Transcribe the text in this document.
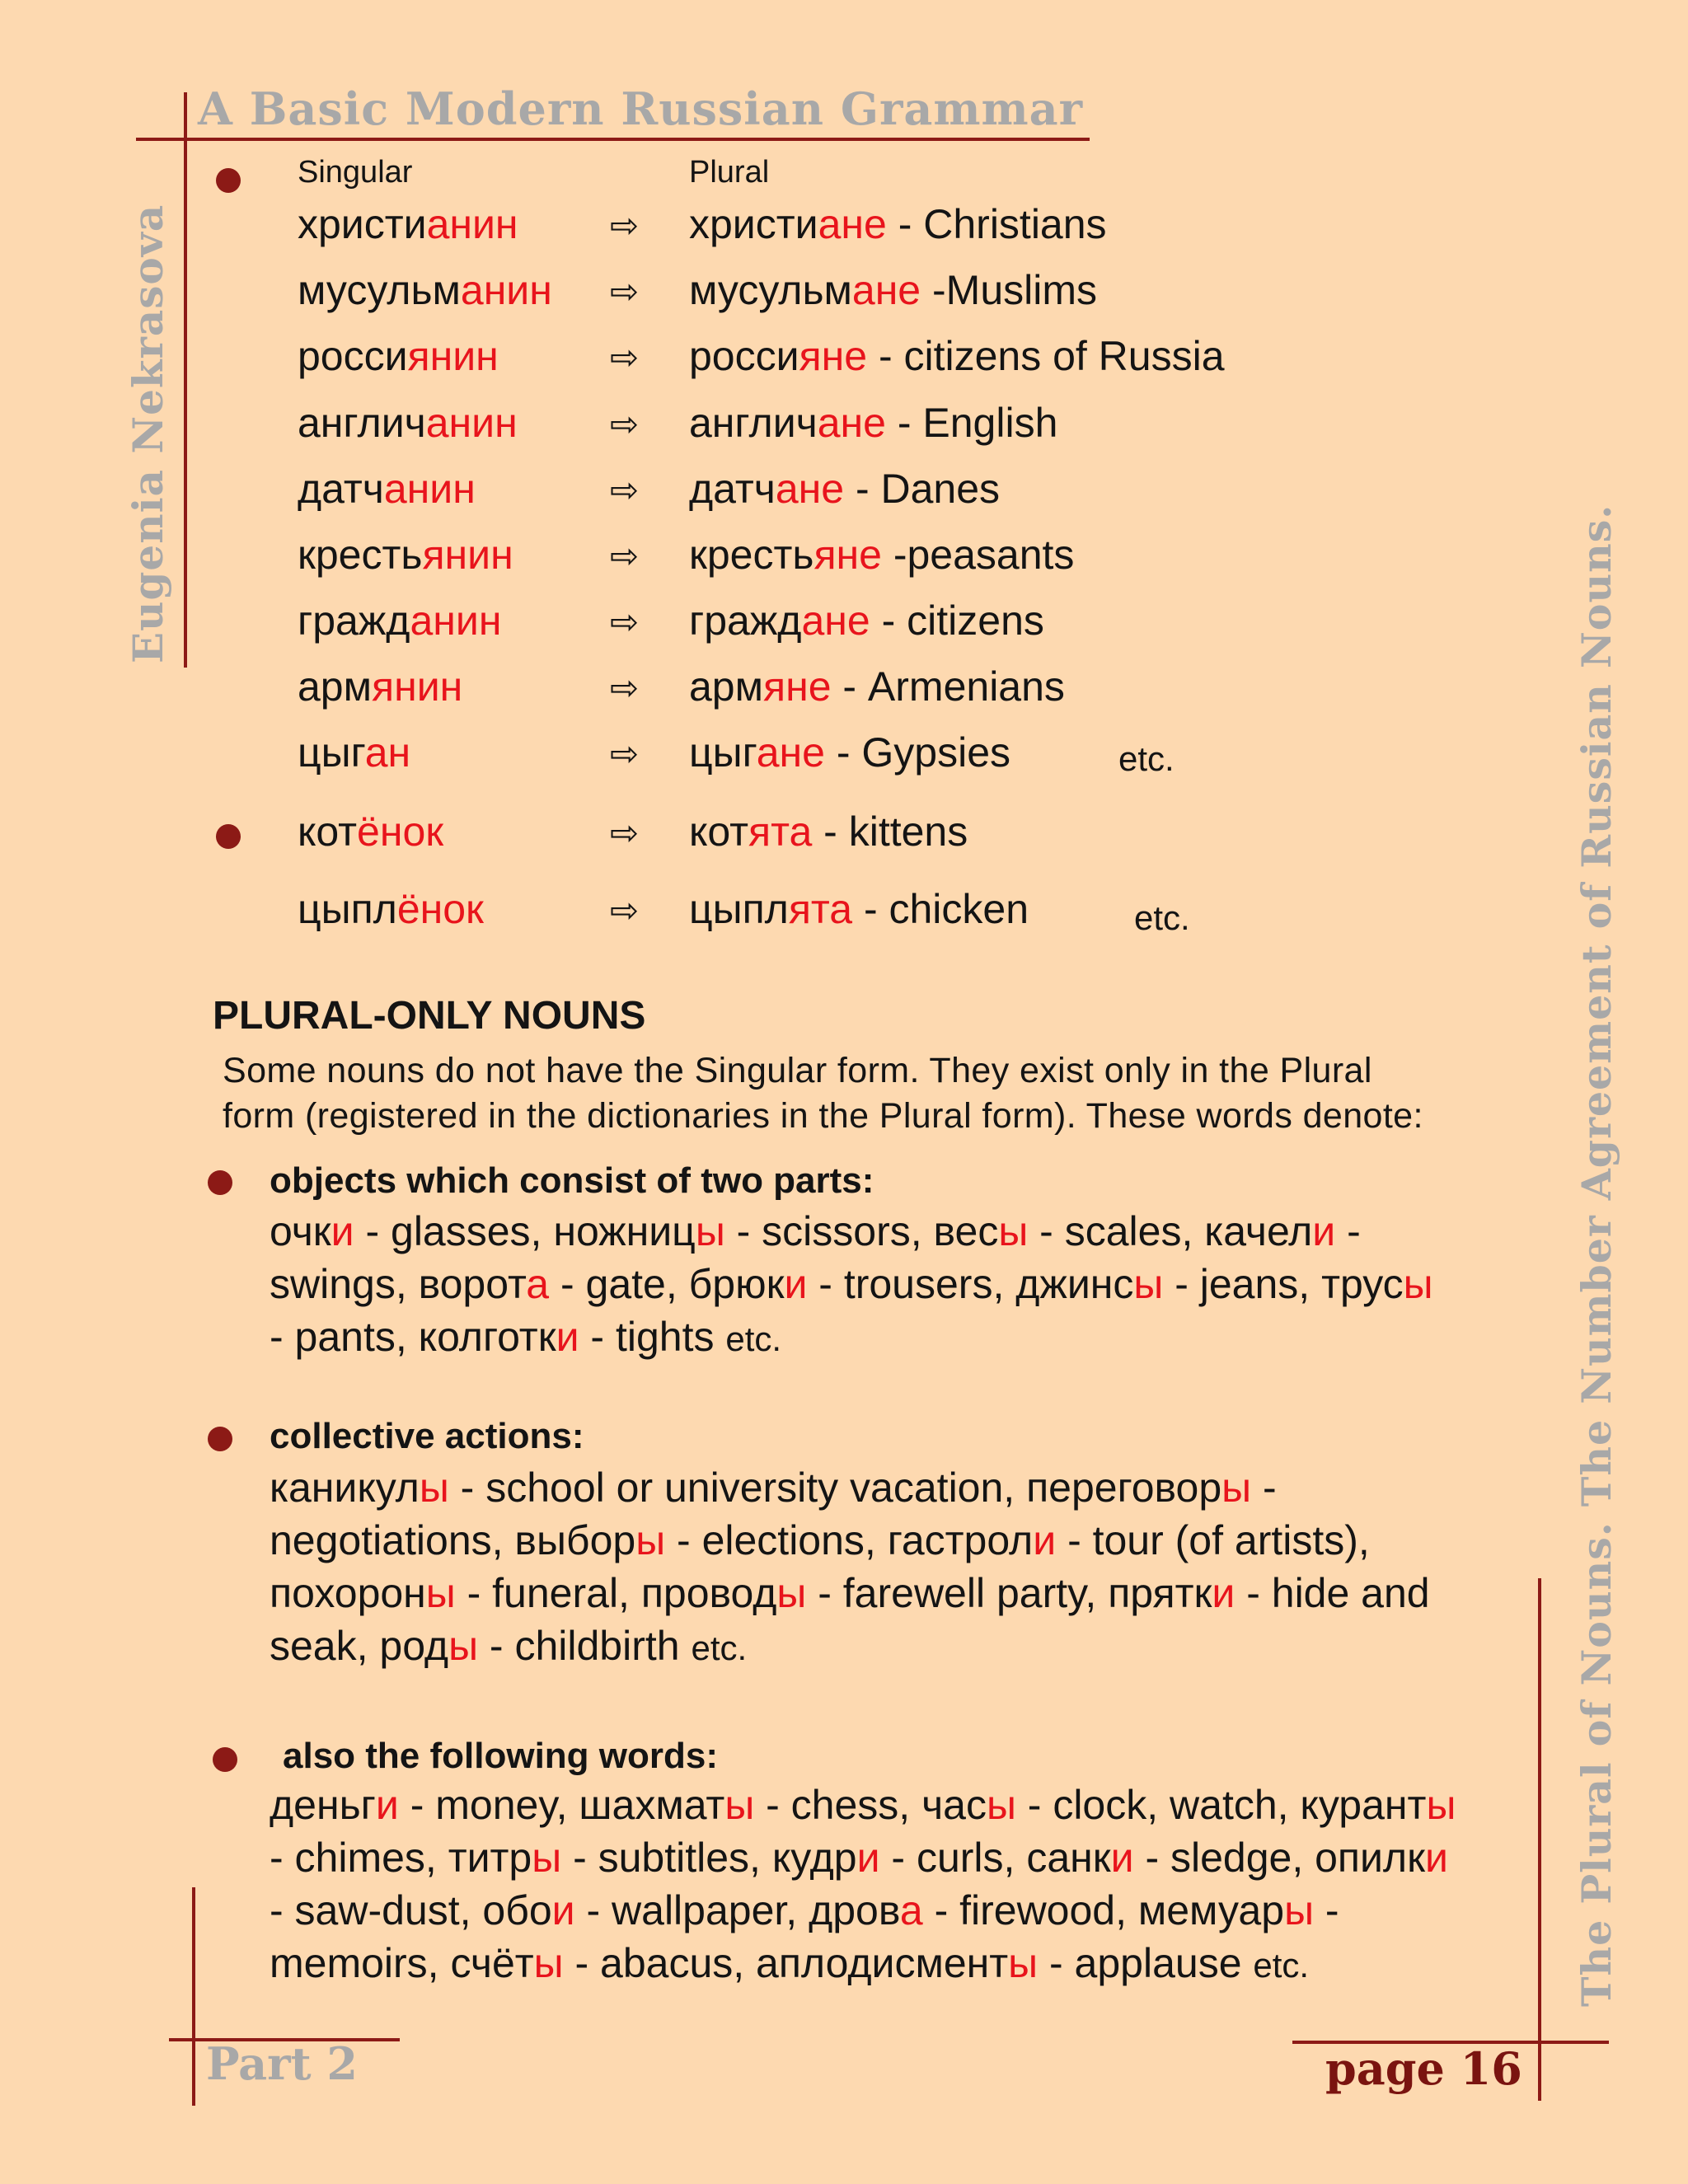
A Basic Modern Russian Grammar
Eugenia Nekrasova
The Plural of Nouns. The Number Agreement of Russian Nouns.
Part 2	page 16
Singular	Plural
христианин	⇨ христиане - Christians
мусульманин ⇨ мусульмане -Muslims
россиянин	⇨ россияне - citizens of Russia
англичанин	⇨ англичане - English
датчанин	⇨ датчане - Danes
крестьянин	⇨ крестьяне -peasants
гражданин	⇨ граждане - citizens
армянин	⇨ армяне - Armenians
цыган	⇨ цыгане - Gypsies	etc.
котёнок	⇨ котята - kittens
цыплёнок	⇨ цыплята - chicken	etc.
PLURAL-ONLY NOUNS
Some nouns do not have the Singular form. They exist only in the Plural
form (registered in the dictionaries in the Plural form). These words denote:
objects which consist of two parts:
очки - glasses, ножницы - scissors, весы - scales, качели -
swings, ворота - gate, брюки - trousers, джинсы - jeans, трусы
- pants, колготки - tights etc.
collective actions:
каникулы - school or university vacation, переговоры -
negotiations, выборы - elections, гастроли - tour (of artists),
похороны - funeral, проводы - farewell party, прятки - hide and
seak, роды - childbirth etc.
also the following words:
деньги - money, шахматы - chess, часы - clock, watch, куранты
- chimes, титры - subtitles, кудри - curls, санки - sledge, опилки
- saw-dust, обои - wallpaper, дрова - firewood, мемуары -
memoirs, счёты - abacus, аплодисменты - applause etc.
